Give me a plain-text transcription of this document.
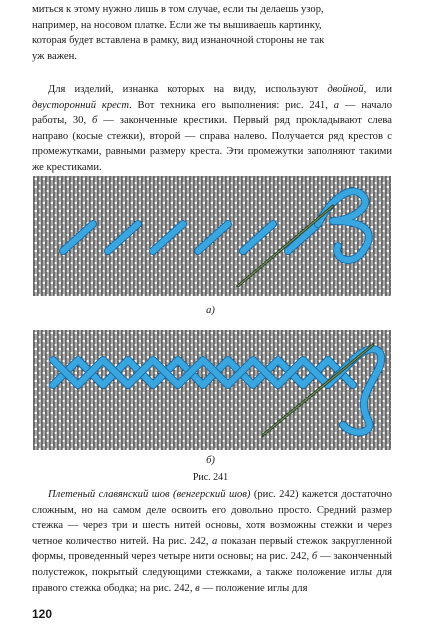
миться к этому нужно лишь в том случае, если ты делаешь узор,

например, на носовом платке. Если же ты вышиваешь картинку,

которая будет вставлена в рамку, вид изнаночной стороны не так

уж важен.

Для изделий, изнанка которых на виду, используют двойной, или двусторонний крест. Вот техника его выполнения: рис. 241, а — начало работы, 30, б — законченные крестики. Первый ряд прокладывают слева направо (косые стежки), второй — справа налево. Получается ряд крестов с промежутками, равными размеру креста. Эти промежутки заполняют такими же крестиками.

а)
б)
Рис. 241

Плетеный славянский шов (венгерский шов) (рис. 242) кажется достаточно сложным, но на самом деле освоить его довольно просто. Средний размер стежка — через три и шесть нитей основы, хотя возможны стежки и через четное количество нитей. На рис. 242, а показан первый стежок закругленной формы, проведенный через четыре нити основы; на рис. 242, б — законченный полустежок, покрытый следующими стежками, а также положение иглы для правого стежка ободка; на рис. 242, в — положение иглы для

120
